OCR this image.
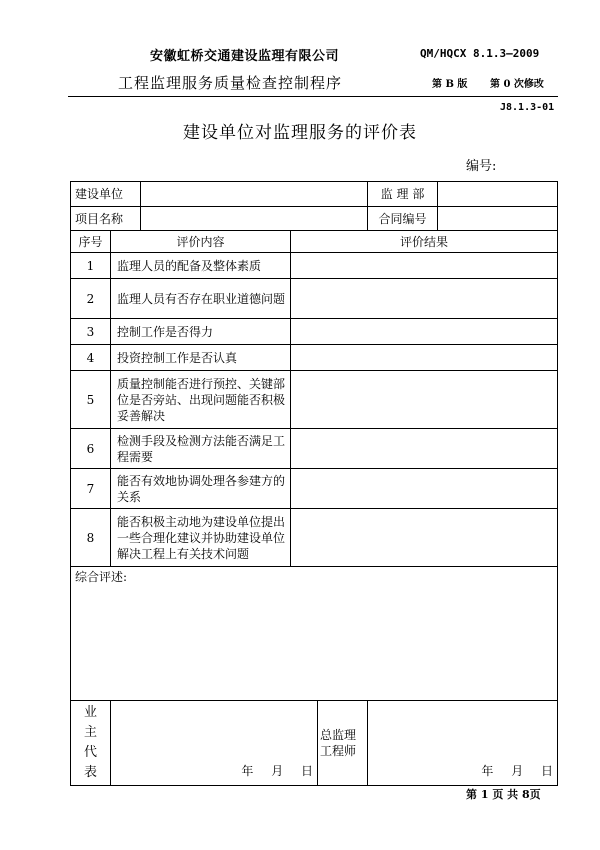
安徽虹桥交通建设监理有限公司	QM/HQCX 8.1.3—2009
工程监理服务质量检查控制程序	第 B 版 第 0 次修改
J8.1.3-01
建设单位对监理服务的评价表
编号:
建设单位					监 理 部	
项目名称					合同编号	
序号	评价内容		评价结果			
1	监理人员的配备及整体素质					
2	监理人员有否存在职业道德问题					
3	控制工作是否得力					
4	投资控制工作是否认真					
5	质量控制能否进行预控、关键部位是否旁站、出现问题能否积极妥善解决					
6	检测手段及检测方法能否满足工程需要					
7	能否有效地协调处理各参建方的关系					
8	能否积极主动地为建设单位提出一些合理化建议并协助建设单位解决工程上有关技术问题					
综合评述:						

业
主
代
表	年 月 日			总监理工程师	年 月 日	
第 1 页 共 8页
